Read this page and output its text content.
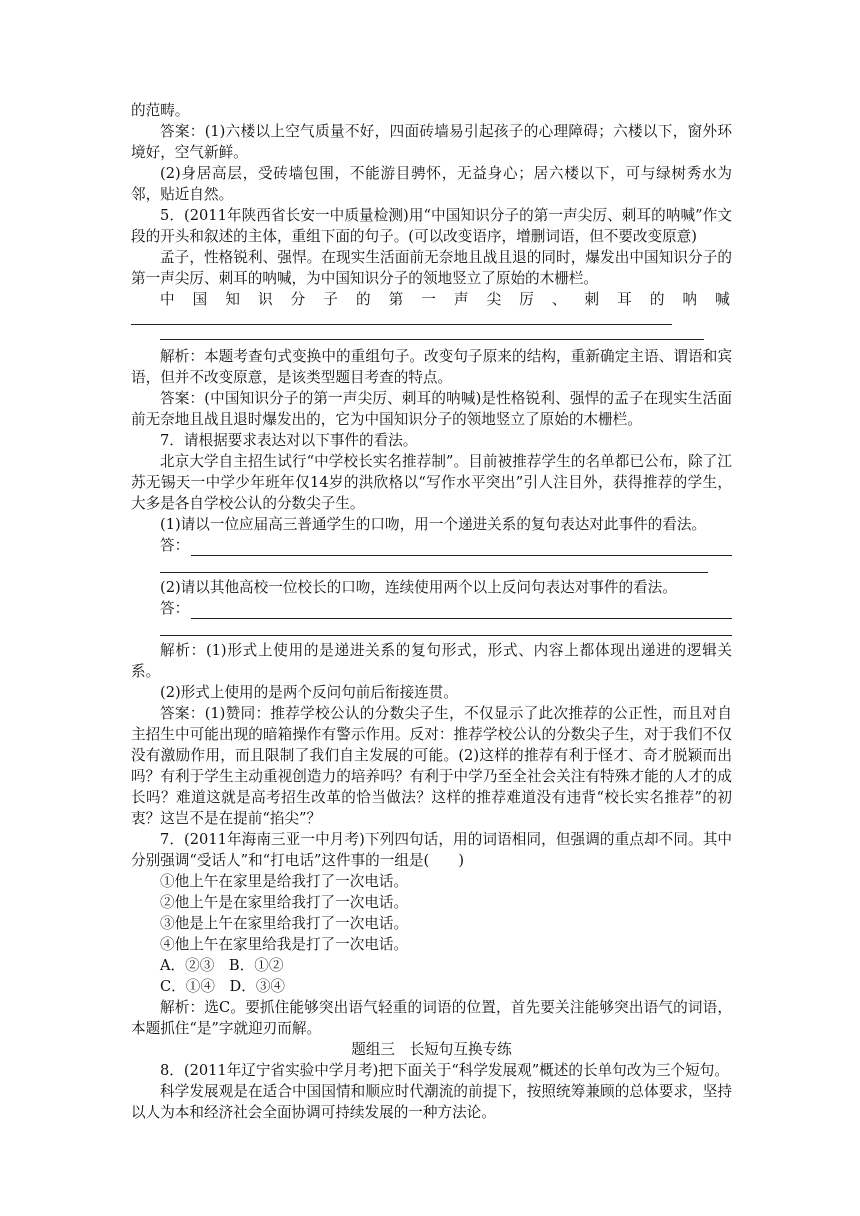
的范畴。

答案：(1)六楼以上空气质量不好，四面砖墙易引起孩子的心理障碍；六楼以下，窗外环境好，空气新鲜。

(2)身居高层，受砖墙包围，不能游目骋怀，无益身心；居六楼以下，可与绿树秀水为邻，贴近自然。

5．(2011年陕西省长安一中质量检测)用“中国知识分子的第一声尖厉、刺耳的呐喊”作文段的开头和叙述的主体，重组下面的句子。(可以改变语序，增删词语，但不要改变原意)

孟子，性格锐利、强悍。在现实生活面前无奈地且战且退的同时，爆发出中国知识分子的第一声尖厉、刺耳的呐喊，为中国知识分子的领地竖立了原始的木栅栏。

中 国 知 识 分 子 的 第 一 声 尖 厉 、 刺 耳 的 呐 喊

解析：本题考查句式变换中的重组句子。改变句子原来的结构，重新确定主语、谓语和宾语，但并不改变原意，是该类型题目考查的特点。

答案：(中国知识分子的第一声尖厉、刺耳的呐喊)是性格锐利、强悍的孟子在现实生活面前无奈地且战且退时爆发出的，它为中国知识分子的领地竖立了原始的木栅栏。

7．请根据要求表达对以下事件的看法。

北京大学自主招生试行“中学校长实名推荐制”。目前被推荐学生的名单都已公布，除了江苏无锡天一中学少年班年仅14岁的洪欣格以“写作水平突出”引人注目外，获得推荐的学生，大多是各自学校公认的分数尖子生。

(1)请以一位应届高三普通学生的口吻，用一个递进关系的复句表达对此事件的看法。

答：

(2)请以其他高校一位校长的口吻，连续使用两个以上反问句表达对事件的看法。

答：

解析：(1)形式上使用的是递进关系的复句形式，形式、内容上都体现出递进的逻辑关系。

(2)形式上使用的是两个反问句前后衔接连贯。

答案：(1)赞同：推荐学校公认的分数尖子生，不仅显示了此次推荐的公正性，而且对自主招生中可能出现的暗箱操作有警示作用。反对：推荐学校公认的分数尖子生，对于我们不仅没有激励作用，而且限制了我们自主发展的可能。(2)这样的推荐有利于怪才、奇才脱颖而出吗？有利于学生主动重视创造力的培养吗？有利于中学乃至全社会关注有特殊才能的人才的成长吗？难道这就是高考招生改革的恰当做法？这样的推荐难道没有违背“校长实名推荐”的初衷？这岂不是在提前“掐尖”？

7．(2011年海南三亚一中月考)下列四句话，用的词语相同，但强调的重点却不同。其中分别强调“受话人”和“打电话”这件事的一组是(　　)

①他上午在家里是给我打了一次电话。

②他上午是在家里给我打了一次电话。

③他是上午在家里给我打了一次电话。

④他上午在家里给我是打了一次电话。

A．②③　B．①②

C．①④　D．③④

解析：选C。要抓住能够突出语气轻重的词语的位置，首先要关注能够突出语气的词语，本题抓住“是”字就迎刃而解。

题组三　长短句互换专练

8．(2011年辽宁省实验中学月考)把下面关于“科学发展观”概述的长单句改为三个短句。

科学发展观是在适合中国国情和顺应时代潮流的前提下，按照统筹兼顾的总体要求，坚持以人为本和经济社会全面协调可持续发展的一种方法论。
